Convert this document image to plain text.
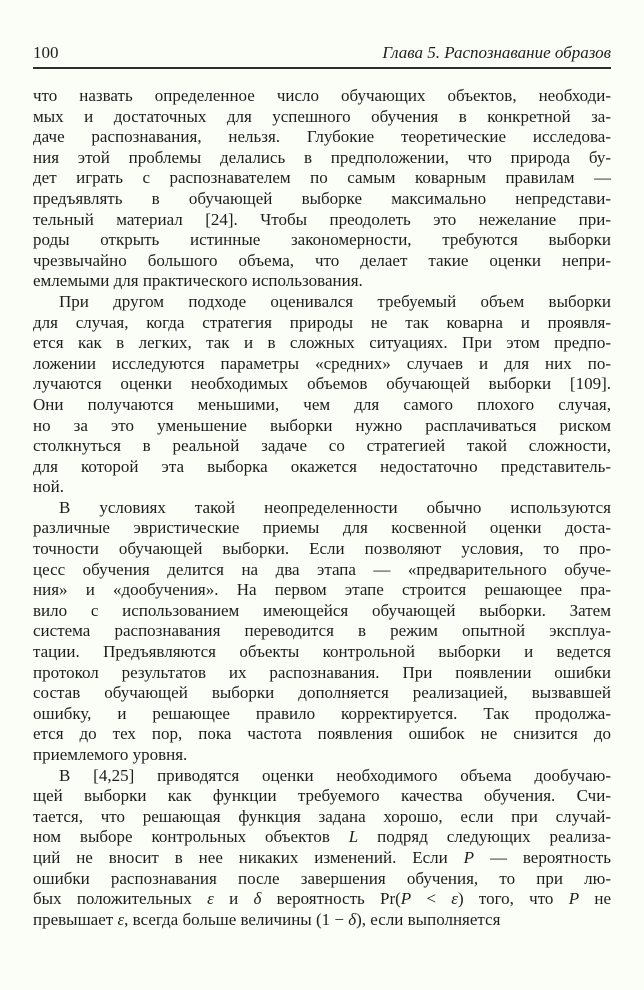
100	Глава 5. Распознавание образов
что назвать определенное число обучающих объектов, необходи-
мых и достаточных для успешного обучения в конкретной за-
даче распознавания, нельзя. Глубокие теоретические исследова-
ния этой проблемы делались в предположении, что природа бу-
дет играть с распознавателем по самым коварным правилам —
предъявлять в обучающей выборке максимально непредстави-
тельный материал [24]. Чтобы преодолеть это нежелание при-
роды открыть истинные закономерности, требуются выборки
чрезвычайно большого объема, что делает такие оценки непри-
емлемыми для практического использования.
При другом подходе оценивался требуемый объем выборки
для случая, когда стратегия природы не так коварна и проявля-
ется как в легких, так и в сложных ситуациях. При этом предпо-
ложении исследуются параметры «средних» случаев и для них по-
лучаются оценки необходимых объемов обучающей выборки [109].
Они получаются меньшими, чем для самого плохого случая,
но за это уменьшение выборки нужно расплачиваться риском
столкнуться в реальной задаче со стратегией такой сложности,
для которой эта выборка окажется недостаточно представитель-
ной.
В условиях такой неопределенности обычно используются
различные эвристические приемы для косвенной оценки доста-
точности обучающей выборки. Если позволяют условия, то про-
цесс обучения делится на два этапа — «предварительного обуче-
ния» и «дообучения». На первом этапе строится решающее пра-
вило с использованием имеющейся обучающей выборки. Затем
система распознавания переводится в режим опытной эксплуа-
тации. Предъявляются объекты контрольной выборки и ведется
протокол результатов их распознавания. При появлении ошибки
состав обучающей выборки дополняется реализацией, вызвавшей
ошибку, и решающее правило корректируется. Так продолжа-
ется до тех пор, пока частота появления ошибок не снизится до
приемлемого уровня.
В [4,25] приводятся оценки необходимого объема дообучаю-
щей выборки как функции требуемого качества обучения. Счи-
тается, что решающая функция задана хорошо, если при случай-
ном выборе контрольных объектов L подряд следующих реализа-
ций не вносит в нее никаких изменений. Если P — вероятность
ошибки распознавания после завершения обучения, то при лю-
бых положительных ε и δ вероятность Pr(P < ε) того, что P не
превышает ε, всегда больше величины (1 − δ), если выполняется
